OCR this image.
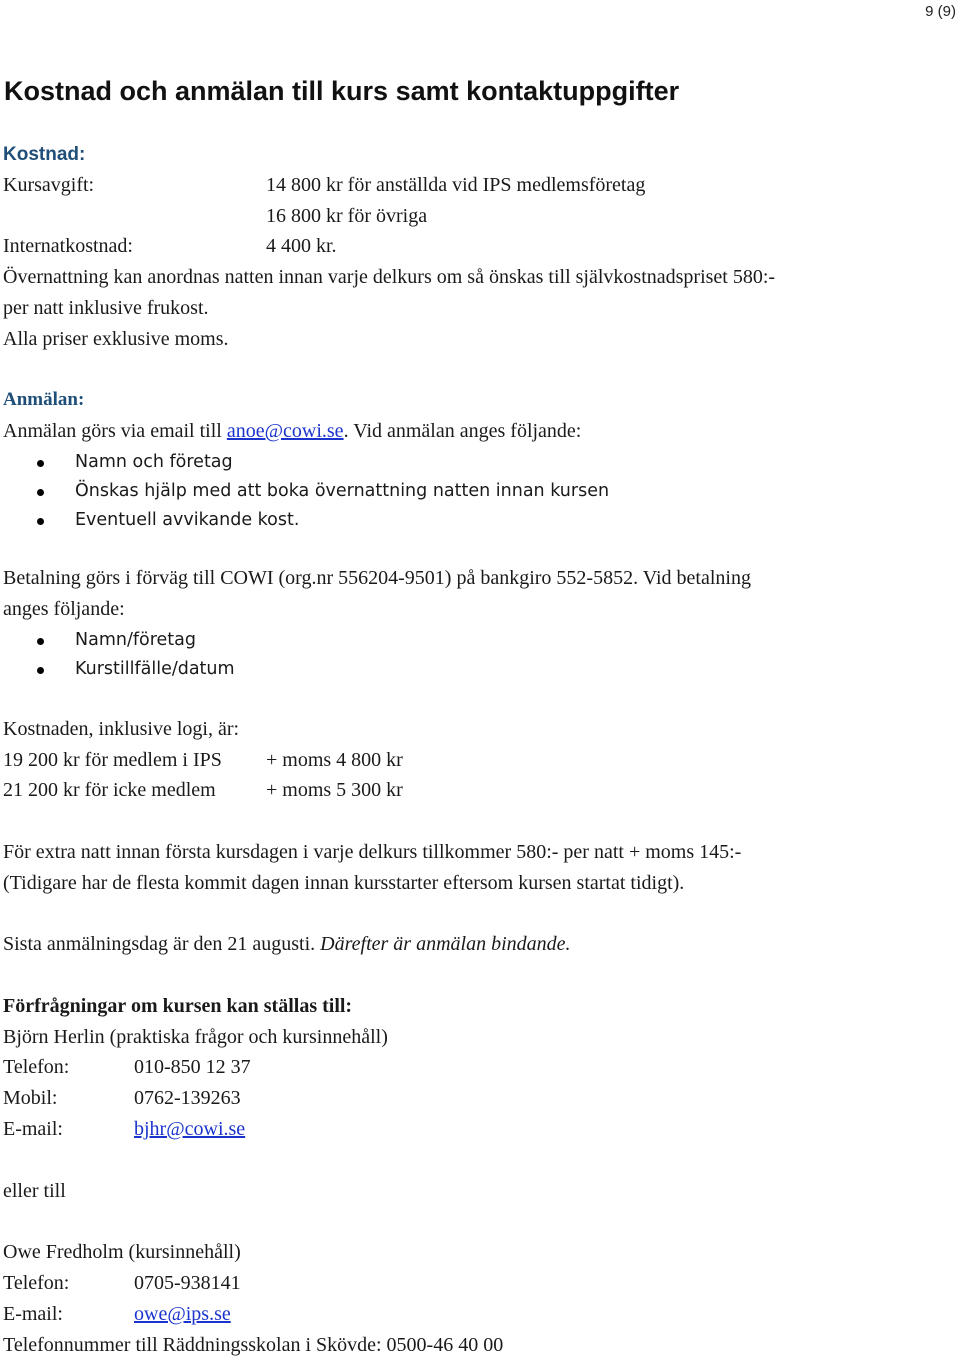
9 (9)
Kostnad och anmälan till kurs samt kontaktuppgifter
Kostnad:
Kursavgift:	14 800 kr för anställda vid IPS medlemsföretag
16 800 kr för övriga
Internatkostnad:	4 400 kr.
Övernattning kan anordnas natten innan varje delkurs om så önskas till självkostnadspriset 580:-
per natt inklusive frukost.
Alla priser exklusive moms.
Anmälan:
Anmälan görs via email till anoe@cowi.se. Vid anmälan anges följande:
Namn och företag
Önskas hjälp med att boka övernattning natten innan kursen
Eventuell avvikande kost.
Betalning görs i förväg till COWI (org.nr 556204-9501) på bankgiro 552-5852. Vid betalning
anges följande:
Namn/företag
Kurstillfälle/datum
Kostnaden, inklusive logi, är:
19 200 kr för medlem i IPS + moms 4 800 kr
21 200 kr för icke medlem	+ moms 5 300 kr
För extra natt innan första kursdagen i varje delkurs tillkommer 580:- per natt + moms 145:-
(Tidigare har de flesta kommit dagen innan kursstarter eftersom kursen startat tidigt).
Sista anmälningsdag är den 21 augusti. Därefter är anmälan bindande.
Förfrågningar om kursen kan ställas till:
Björn Herlin (praktiska frågor och kursinnehåll)
Telefon:	010-850 12 37
Mobil:	0762-139263
E-mail:	bjhr@cowi.se
eller till
Owe Fredholm (kursinnehåll)
Telefon:	0705-938141
E-mail:	owe@ips.se
Telefonnummer till Räddningsskolan i Skövde: 0500-46 40 00
